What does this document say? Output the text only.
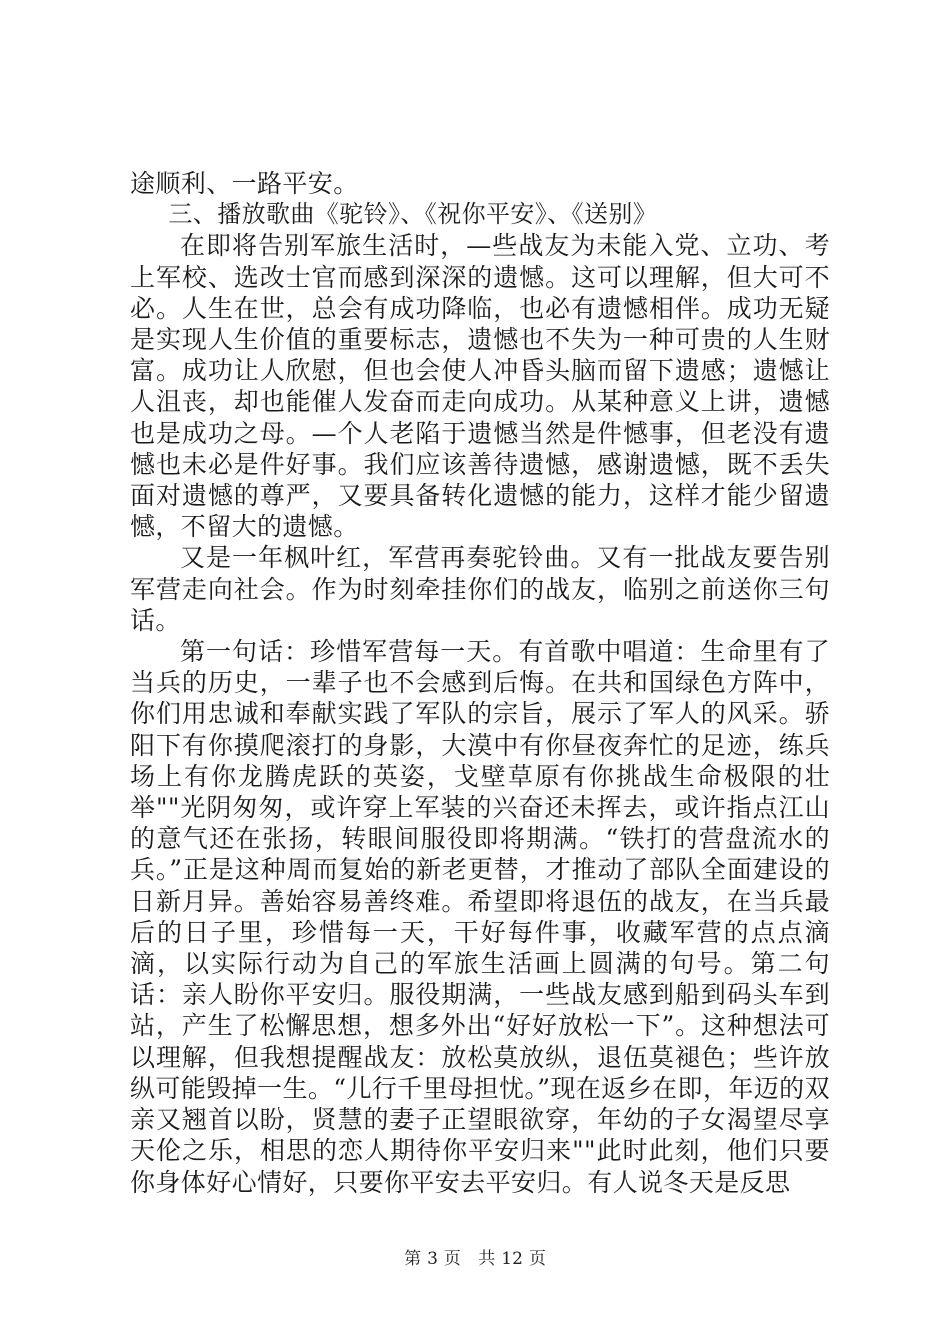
途顺利、一路平安。

三、播放歌曲《驼铃》、《祝你平安》、《送别》

在即将告别军旅生活时，—些战友为未能入党、立功、考上军校、选改士官而感到深深的遗憾。这可以理解，但大可不必。人生在世，总会有成功降临，也必有遗憾相伴。成功无疑是实现人生价值的重要标志，遗憾也不失为一种可贵的人生财富。成功让人欣慰，但也会使人冲昏头脑而留下遗感；遗憾让人沮丧，却也能催人发奋而走向成功。从某种意义上讲，遗憾也是成功之母。—个人老陷于遗憾当然是件憾事，但老没有遗憾也未必是件好事。我们应该善待遗憾，感谢遗憾，既不丢失面对遗憾的尊严，又要具备转化遗憾的能力，这样才能少留遗憾，不留大的遗憾。

又是一年枫叶红，军营再奏驼铃曲。又有一批战友要告别军营走向社会。作为时刻牵挂你们的战友，临别之前送你三句话。

第一句话：珍惜军营每一天。有首歌中唱道：生命里有了当兵的历史，一辈子也不会感到后悔。在共和国绿色方阵中，你们用忠诚和奉献实践了军队的宗旨，展示了军人的风采。骄阳下有你摸爬滚打的身影，大漠中有你昼夜奔忙的足迹，练兵场上有你龙腾虎跃的英姿，戈壁草原有你挑战生命极限的壮举""光阴匆匆，或许穿上军装的兴奋还未挥去，或许指点江山的意气还在张扬，转眼间服役即将期满。“铁打的营盘流水的兵。”正是这种周而复始的新老更替，才推动了部队全面建设的日新月异。善始容易善终难。希望即将退伍的战友，在当兵最后的日子里，珍惜每一天，干好每件事，收藏军营的点点滴滴，以实际行动为自己的军旅生活画上圆满的句号。第二句话：亲人盼你平安归。服役期满，一些战友感到船到码头车到站，产生了松懈思想，想多外出“好好放松一下”。这种想法可以理解，但我想提醒战友：放松莫放纵，退伍莫褪色；些许放纵可能毁掉一生。“儿行千里母担忧。”现在返乡在即，年迈的双亲又翘首以盼，贤慧的妻子正望眼欲穿，年幼的子女渴望尽享天伦之乐，相思的恋人期待你平安归来""此时此刻，他们只要你身体好心情好，只要你平安去平安归。有人说冬天是反思

第 3 页 共 12 页
